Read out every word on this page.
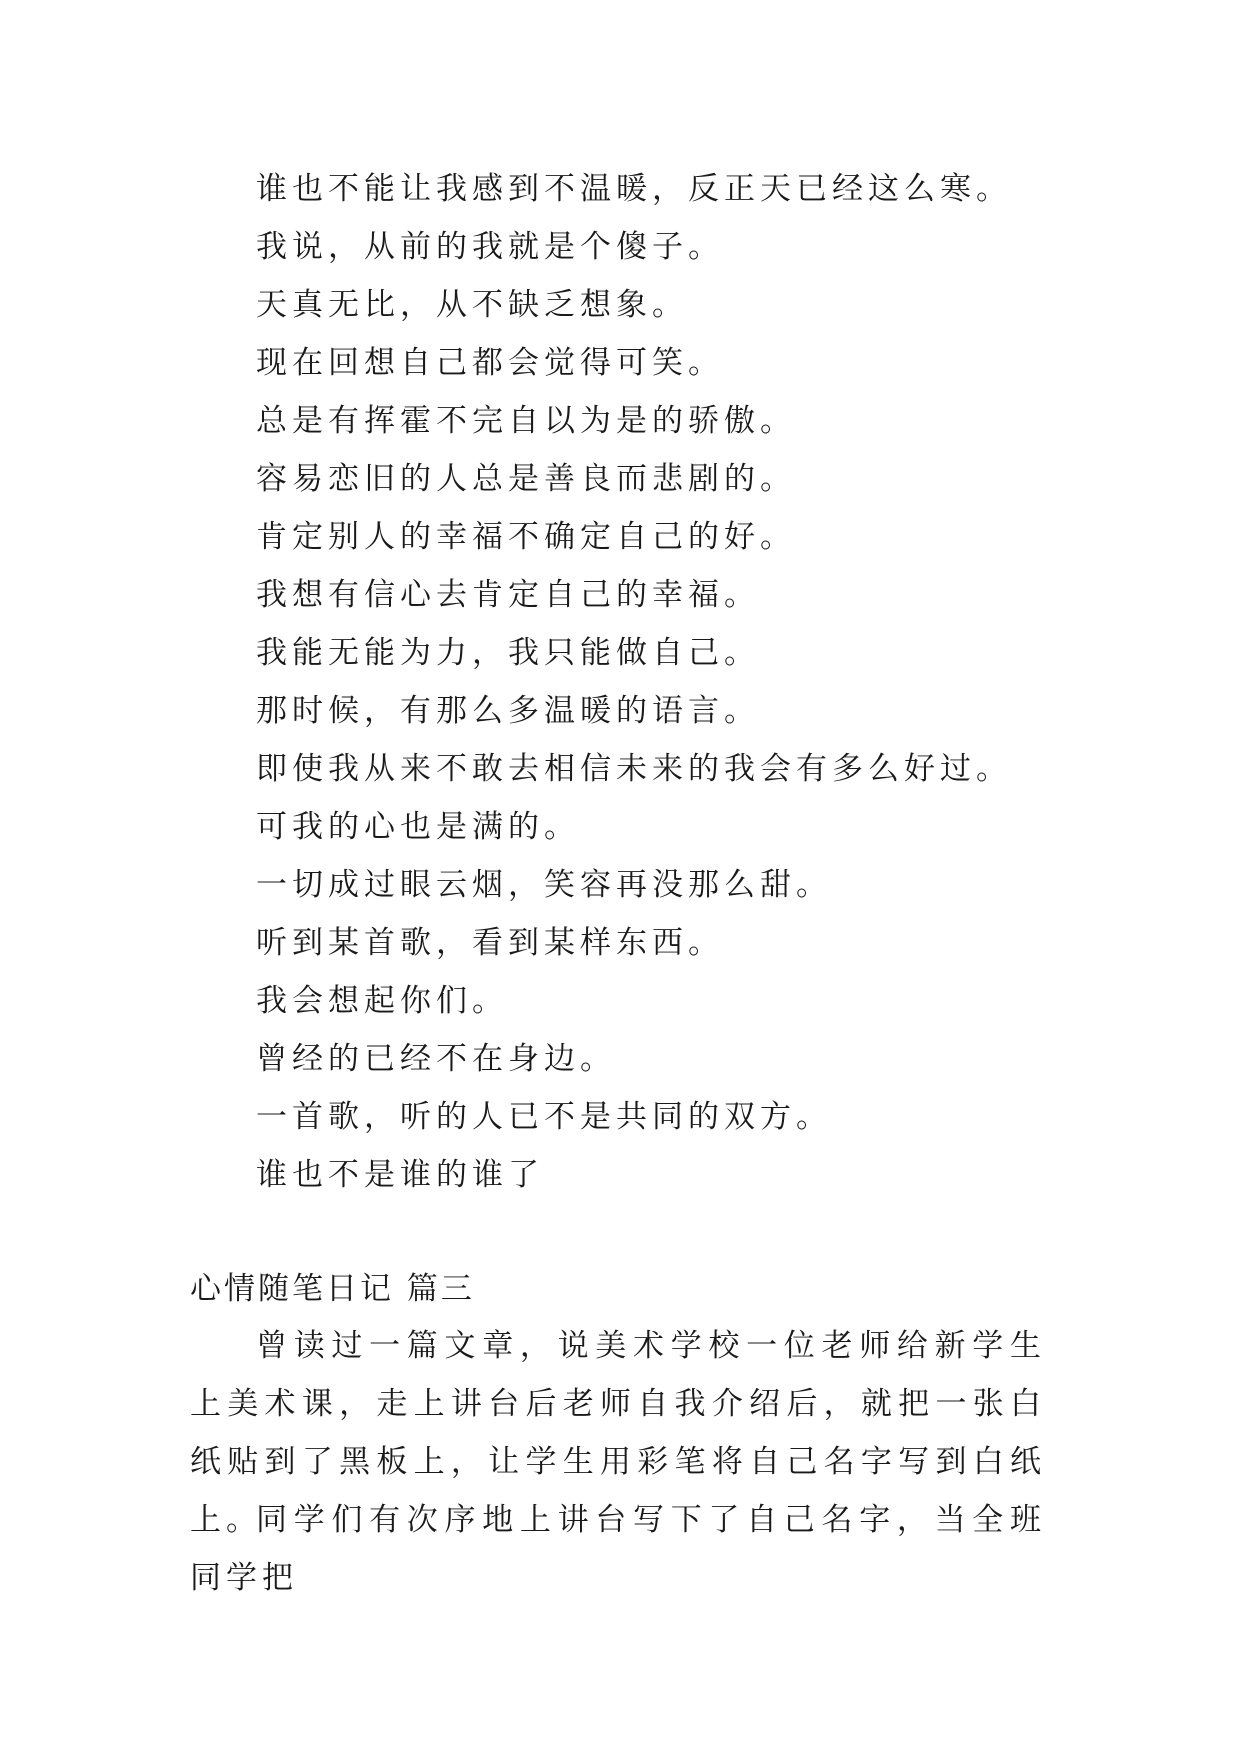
谁也不能让我感到不温暖，反正天已经这么寒。
我说，从前的我就是个傻子。
天真无比，从不缺乏想象。
现在回想自己都会觉得可笑。
总是有挥霍不完自以为是的骄傲。
容易恋旧的人总是善良而悲剧的。
肯定别人的幸福不确定自己的好。
我想有信心去肯定自己的幸福。
我能无能为力，我只能做自己。
那时候，有那么多温暖的语言。
即使我从来不敢去相信未来的我会有多么好过。
可我的心也是满的。
一切成过眼云烟，笑容再没那么甜。
听到某首歌，看到某样东西。
我会想起你们。
曾经的已经不在身边。
一首歌，听的人已不是共同的双方。
谁也不是谁的谁了
心情随笔日记 篇三

曾读过一篇文章，说美术学校一位老师给新学生上美术课，走上讲台后老师自我介绍后，就把一张白纸贴到了黑板上，让学生用彩笔将自己名字写到白纸上。

同学们有次序地上讲台写下了自己名字，当全班同学把
